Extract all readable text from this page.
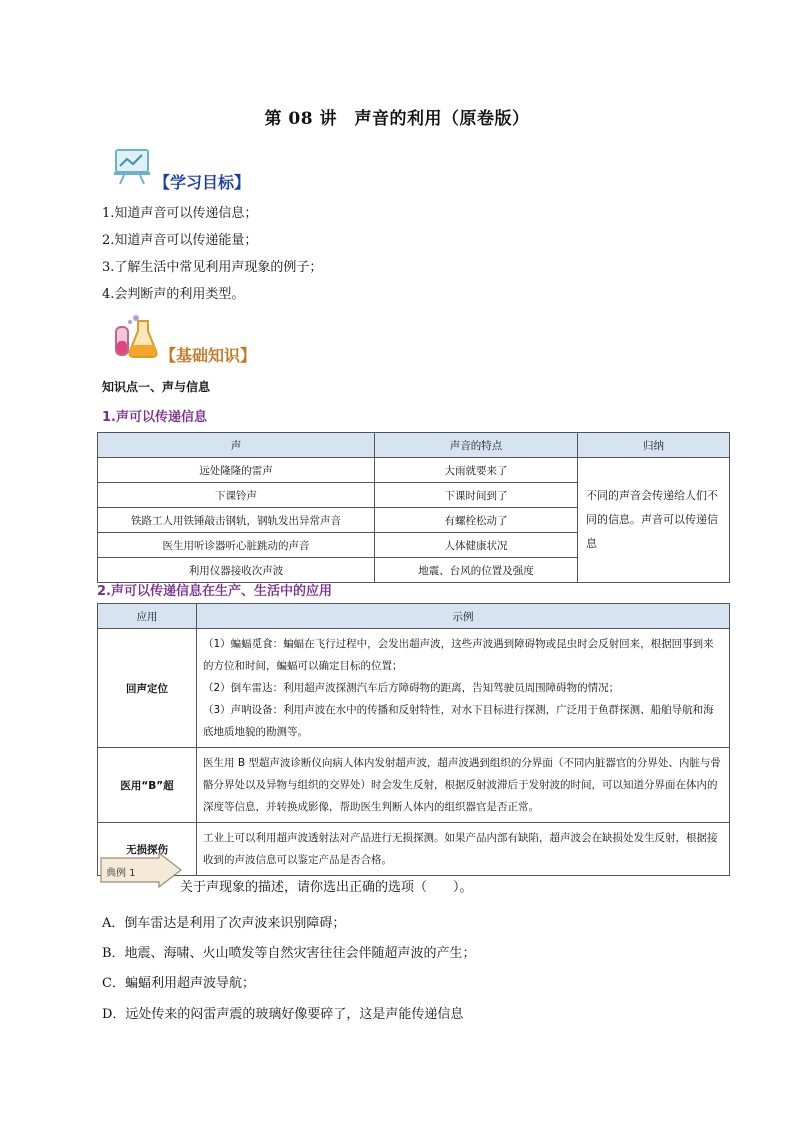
第 08 讲　声音的利用（原卷版）
【学习目标】
1.知道声音可以传递信息；
2.知道声音可以传递能量；
3.了解生活中常见利用声现象的例子；
4.会判断声的利用类型。
【基础知识】
知识点一、声与信息
1.声可以传递信息
声	声音的特点	归纳
远处隆隆的雷声	大雨就要来了	不同的声音会传递给人们不同的信息。声音可以传递信息
下课铃声	下课时间到了	
铁路工人用铁锤敲击钢轨，钢轨发出异常声音	有螺栓松动了	
医生用听诊器听心脏跳动的声音	人体健康状况	
利用仪器接收次声波	地震、台风的位置及强度	
2.声可以传递信息在生产、生活中的应用
应用	示例
回声定位	（1）蝙蝠觅食：蝙蝠在飞行过程中，会发出超声波，这些声波遇到障碍物或昆虫时会反射回来，根据回事到来的方位和时间，蝙蝠可以确定目标的位置；
（2）倒车雷达：利用超声波探测汽车后方障碍物的距离，告知驾驶员周围障碍物的情况；
（3）声呐设备：利用声波在水中的传播和反射特性，对水下目标进行探测，广泛用于鱼群探测、船舶导航和海底地质地貌的勘测等。

医用“B”超	医生用 B 型超声波诊断仪向病人体内发射超声波，超声波遇到组织的分界面（不同内脏器官的分界处、内脏与骨骼分界处以及异物与组织的交界处）时会发生反射，根据反射波滞后于发射波的时间，可以知道分界面在体内的深度等信息，并转换成影像，帮助医生判断人体内的组织器官是否正常。

无损探伤	工业上可以利用超声波透射法对产品进行无损探测。如果产品内部有缺陷，超声波会在缺损处发生反射，根据接收到的声波信息可以鉴定产品是否合格。
典例 1
关于声现象的描述，请你选出正确的选项（　　）。
A．倒车雷达是利用了次声波来识别障碍；
B．地震、海啸、火山喷发等自然灾害往往会伴随超声波的产生；
C．蝙蝠利用超声波导航；
D．远处传来的闷雷声震的玻璃好像要碎了，这是声能传递信息
